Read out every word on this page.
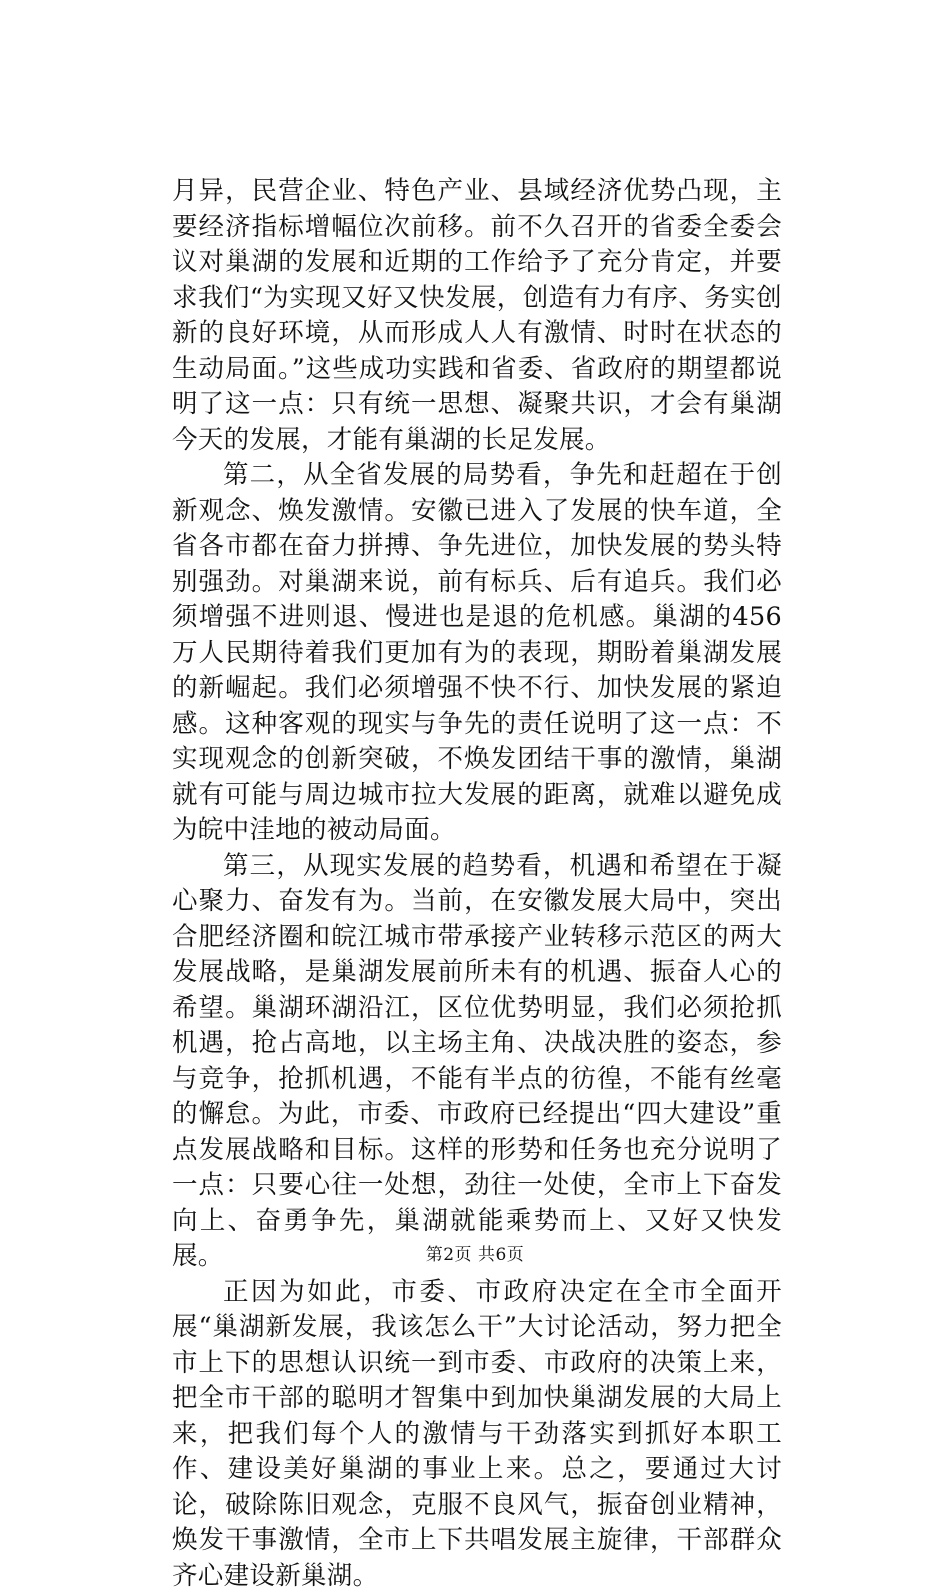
月异，民营企业、特色产业、县域经济优势凸现，主要经济指标增幅位次前移。前不久召开的省委全委会议对巢湖的发展和近期的工作给予了充分肯定，并要求我们“为实现又好又快发展，创造有力有序、务实创新的良好环境，从而形成人人有激情、时时在状态的生动局面。”这些成功实践和省委、省政府的期望都说明了这一点：只有统一思想、凝聚共识，才会有巢湖今天的发展，才能有巢湖的长足发展。

第二，从全省发展的局势看，争先和赶超在于创新观念、焕发激情。安徽已进入了发展的快车道，全省各市都在奋力拼搏、争先进位，加快发展的势头特别强劲。对巢湖来说，前有标兵、后有追兵。我们必须增强不进则退、慢进也是退的危机感。巢湖的456万人民期待着我们更加有为的表现，期盼着巢湖发展的新崛起。我们必须增强不快不行、加快发展的紧迫感。这种客观的现实与争先的责任说明了这一点：不实现观念的创新突破，不焕发团结干事的激情，巢湖就有可能与周边城市拉大发展的距离，就难以避免成为皖中洼地的被动局面。

第三，从现实发展的趋势看，机遇和希望在于凝心聚力、奋发有为。当前，在安徽发展大局中，突出合肥经济圈和皖江城市带承接产业转移示范区的两大发展战略，是巢湖发展前所未有的机遇、振奋人心的希望。巢湖环湖沿江，区位优势明显，我们必须抢抓机遇，抢占高地，以主场主角、决战决胜的姿态，参与竞争，抢抓机遇，不能有半点的彷徨，不能有丝毫的懈怠。为此，市委、市政府已经提出“四大建设”重点发展战略和目标。这样的形势和任务也充分说明了一点：只要心往一处想，劲往一处使，全市上下奋发向上、奋勇争先，巢湖就能乘势而上、又好又快发展。

正因为如此，市委、市政府决定在全市全面开展“巢湖新发展，我该怎么干”大讨论活动，努力把全市上下的思想认识统一到市委、市政府的决策上来，把全市干部的聪明才智集中到加快巢湖发展的大局上来，把我们每个人的激情与干劲落实到抓好本职工作、建设美好巢湖的事业上来。总之，要通过大讨论，破除陈旧观念，克服不良风气，振奋创业精神，焕发干事激情，全市上下共唱发展主旋律，干部群众齐心建设新巢湖。

第2页 共6页
